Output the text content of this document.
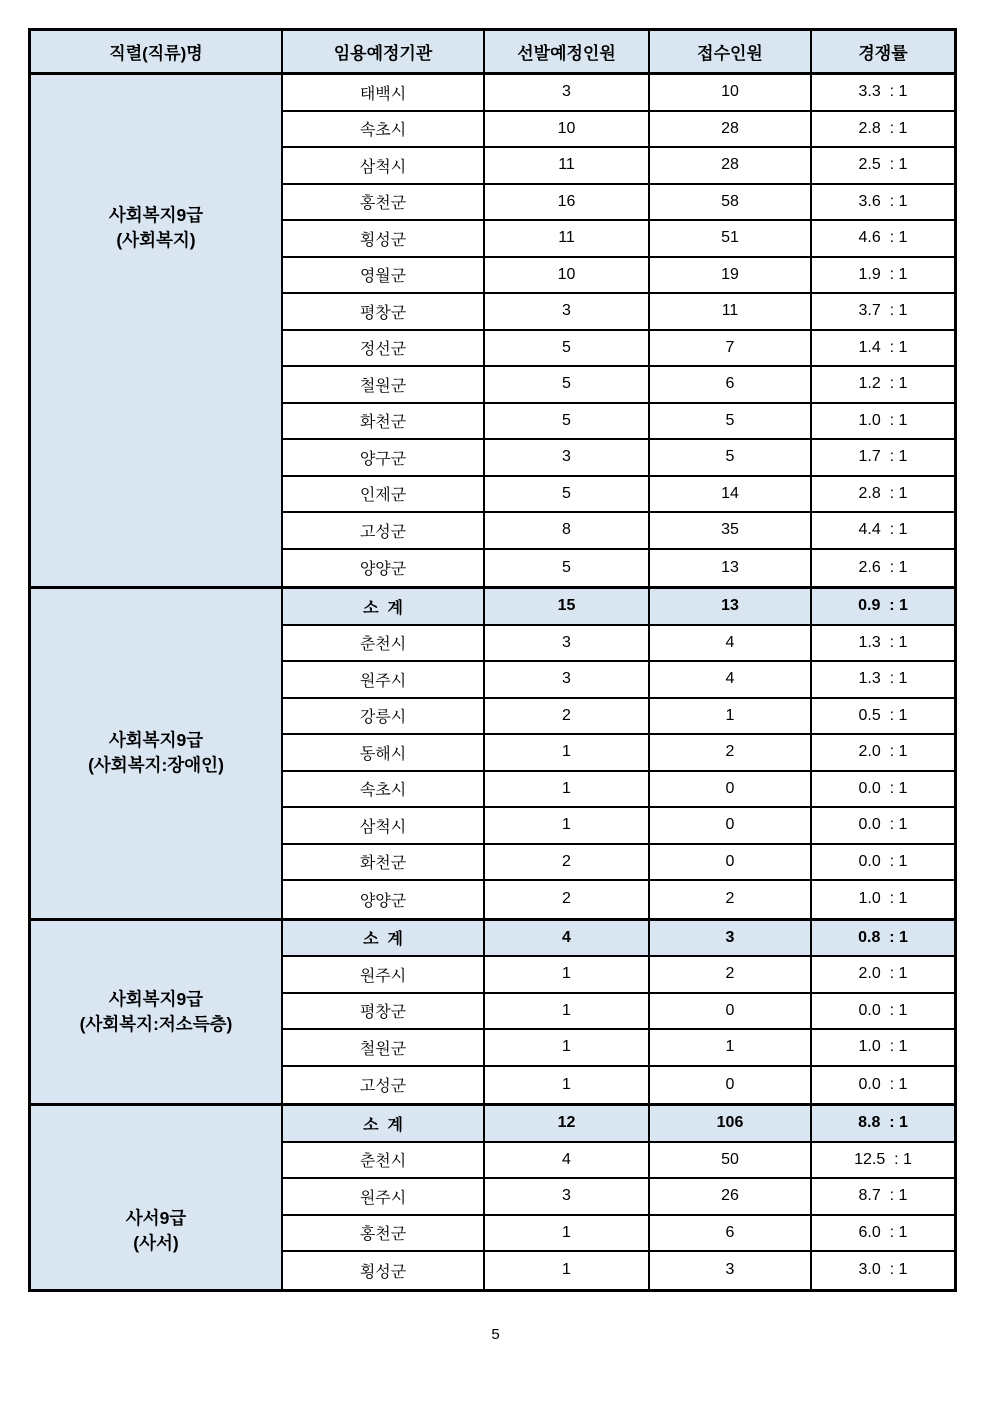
직렬(직류)명	임용예정기관	선발예정인원	접수인원	경쟁률
사회복지9급
(사회복지)
태백시	3	10	3.3  : 1
속초시	10	28	2.8  : 1
삼척시	11	28	2.5  : 1
홍천군	16	58	3.6  : 1
횡성군	11	51	4.6  : 1
영월군	10	19	1.9  : 1
평창군	3	11	3.7  : 1
정선군	5	7	1.4  : 1
철원군	5	6	1.2  : 1
화천군	5	5	1.0  : 1
양구군	3	5	1.7  : 1
인제군	5	14	2.8  : 1
고성군	8	35	4.4  : 1
양양군	5	13	2.6  : 1
사회복지9급
(사회복지:장애인)
소  계	15	13	0.9  : 1
춘천시	3	4	1.3  : 1
원주시	3	4	1.3  : 1
강릉시	2	1	0.5  : 1
동해시	1	2	2.0  : 1
속초시	1	0	0.0  : 1
삼척시	1	0	0.0  : 1
화천군	2	0	0.0  : 1
양양군	2	2	1.0  : 1
사회복지9급
(사회복지:저소득층)
소  계	4	3	0.8  : 1
원주시	1	2	2.0  : 1
평창군	1	0	0.0  : 1
철원군	1	1	1.0  : 1
고성군	1	0	0.0  : 1
사서9급
(사서)
소  계	12	106	8.8  : 1
춘천시	4	50	12.5  : 1
원주시	3	26	8.7  : 1
홍천군	1	6	6.0  : 1
횡성군	1	3	3.0  : 1
5
